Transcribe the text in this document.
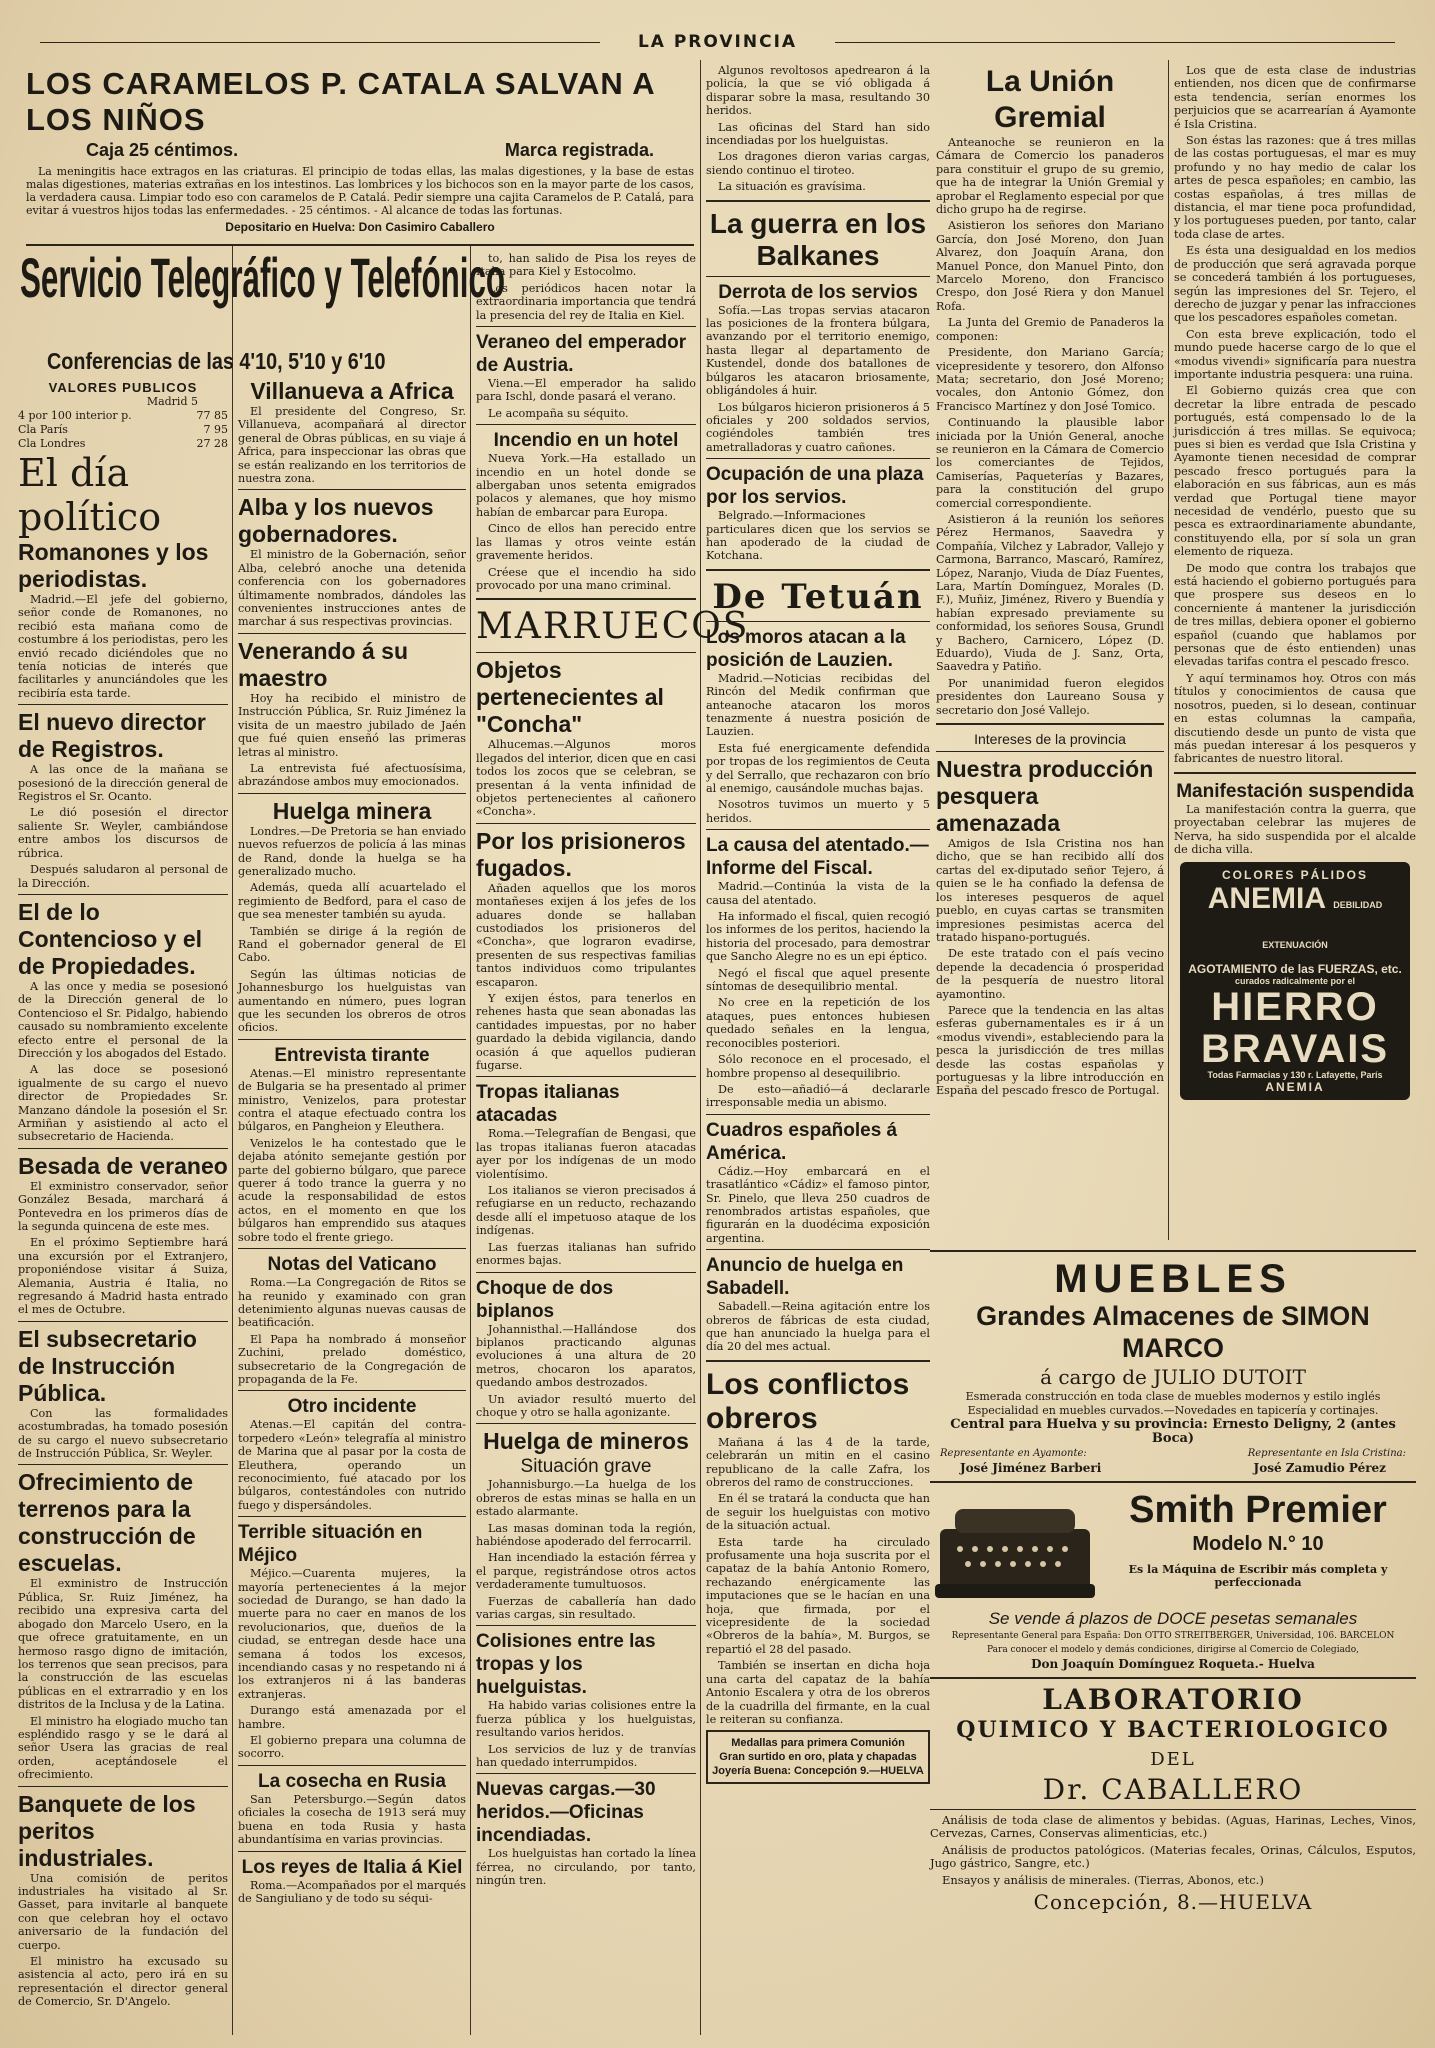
LA PROVINCIA
LOS CARAMELOS P. CATALA SALVAN A LOS NIÑOS
Caja 25 céntimos.	Marca registrada.

La meningitis hace extragos en las criaturas. El principio de todas ellas, las malas digestiones, y la base de estas malas digestiones, materias extrañas en los intestinos. Las lombrices y los bichocos son en la mayor parte de los casos, la verdadera causa. Limpiar todo eso con caramelos de P. Catalá. Pedir siempre una cajita Caramelos de P. Catalá, para evitar á vuestros hijos todas las enfermedades. - 25 céntimos. - Al alcance de todas las fortunas.

Depositario en Huelva: Don Casimiro Caballero
Servicio Telegráfico y Telefónico
Conferencias de las 4'10, 5'10 y 6'10
VALORES PUBLICOS
Madrid 5
4 por 100 interior p.	77 85
Cla París	7 95
Cla Londres	27 28
El día político
Romanones y los periodistas.

Madrid.—El jefe del gobierno, señor conde de Romanones, no recibió esta mañana como de costumbre á los periodistas, pero les envió recado diciéndoles que no tenía noticias de interés que facilitarles y anunciándoles que les recibiría esta tarde.

El nuevo director de Registros.

A las once de la mañana se posesionó de la dirección general de Registros el Sr. Ocanto.

Le dió posesión el director saliente Sr. Weyler, cambiándose entre ambos los discursos de rúbrica.

Después saludaron al personal de la Dirección.

El de lo Contencioso y el de Propiedades.

A las once y media se posesionó de la Dirección general de lo Contencioso el Sr. Pidalgo, habiendo causado su nombramiento excelente efecto entre el personal de la Dirección y los abogados del Estado.

A las doce se posesionó igualmente de su cargo el nuevo director de Propiedades Sr. Manzano dándole la posesión el Sr. Armiñan y asistiendo al acto el subsecretario de Hacienda.

Besada de veraneo

El exministro conservador, señor González Besada, marchará á Pontevedra en los primeros días de la segunda quincena de este mes.

En el próximo Septiembre hará una excursión por el Extranjero, proponiéndose visitar á Suiza, Alemania, Austria é Italia, no regresando á Madrid hasta entrado el mes de Octubre.

El subsecretario de Instrucción Pública.

Con las formalidades acostumbradas, ha tomado posesión de su cargo el nuevo subsecretario de Instrucción Pública, Sr. Weyler.

Ofrecimiento de terrenos para la construcción de escuelas.

El exministro de Instrucción Pública, Sr. Ruiz Jiménez, ha recibido una expresiva carta del abogado don Marcelo Usero, en la que ofrece gratuitamente, en un hermoso rasgo digno de imitación, los terrenos que sean precisos, para la construcción de las escuelas públicas en el extrarradio y en los distritos de la Inclusa y de la Latina.

El ministro ha elogiado mucho tan espléndido rasgo y se le dará al señor Usera las gracias de real orden, aceptándosele el ofrecimiento.

Banquete de los peritos industriales.

Una comisión de peritos industriales ha visitado al Sr. Gasset, para invitarle al banquete con que celebran hoy el octavo aniversario de la fundación del cuerpo.

El ministro ha excusado su asistencia al acto, pero irá en su representación el director general de Comercio, Sr. D'Angelo.

Villanueva a Africa

El presidente del Congreso, Sr. Villanueva, acompañará al director general de Obras públicas, en su viaje á Africa, para inspeccionar las obras que se están realizando en los territorios de nuestra zona.

Alba y los nuevos gobernadores.

El ministro de la Gobernación, señor Alba, celebró anoche una detenida conferencia con los gobernadores últimamente nombrados, dándoles las convenientes instrucciones antes de marchar á sus respectivas provincias.

Venerando á su maestro

Hoy ha recibido el ministro de Instrucción Pública, Sr. Ruiz Jiménez la visita de un maestro jubilado de Jaén que fué quien enseñó las primeras letras al ministro.

La entrevista fué afectuosísima, abrazándose ambos muy emocionados.

Huelga minera

Londres.—De Pretoria se han enviado nuevos refuerzos de policía á las minas de Rand, donde la huelga se ha generalizado mucho.

Además, queda allí acuartelado el regimiento de Bedford, para el caso de que sea menester también su ayuda.

También se dirige á la región de Rand el gobernador general de El Cabo.

Según las últimas noticias de Johannesburgo los huelguistas van aumentando en número, pues logran que les secunden los obreros de otros oficios.

Entrevista tirante

Atenas.—El ministro representante de Bulgaria se ha presentado al primer ministro, Venizelos, para protestar contra el ataque efectuado contra los búlgaros, en Pangheion y Eleuthera.

Venizelos le ha contestado que le dejaba atónito semejante gestión por parte del gobierno búlgaro, que parece querer á todo trance la guerra y no acude la responsabilidad de estos actos, en el momento en que los búlgaros han emprendido sus ataques sobre todo el frente griego.

Notas del Vaticano

Roma.—La Congregación de Ritos se ha reunido y examinado con gran detenimiento algunas nuevas causas de beatificación.

El Papa ha nombrado á monseñor Zuchini, prelado doméstico, subsecretario de la Congregación de propaganda de la Fe.

Otro incidente

Atenas.—El capitán del contra-torpedero «León» telegrafía al ministro de Marina que al pasar por la costa de Eleuthera, operando un reconocimiento, fué atacado por los búlgaros, contestándoles con nutrido fuego y dispersándoles.

Terrible situación en Méjico

Méjico.—Cuarenta mujeres, la mayoría pertenecientes á la mejor sociedad de Durango, se han dado la muerte para no caer en manos de los revolucionarios, que, dueños de la ciudad, se entregan desde hace una semana á todos los excesos, incendiando casas y no respetando ni á los extranjeros ni á las banderas extranjeras.

Durango está amenazada por el hambre.

El gobierno prepara una columna de socorro.

La cosecha en Rusia

San Petersburgo.—Según datos oficiales la cosecha de 1913 será muy buena en toda Rusia y hasta abundantísima en varias provincias.

Los reyes de Italia á Kiel

Roma.—Acompañados por el marqués de Sangiuliano y de todo su séqui-

to, han salido de Pisa los reyes de Italia para Kiel y Estocolmo.

Los periódicos hacen notar la extraordinaria importancia que tendrá la presencia del rey de Italia en Kiel.

Veraneo del emperador de Austria.

Viena.—El emperador ha salido para Ischl, donde pasará el verano.

Le acompaña su séquito.

Incendio en un hotel

Nueva York.—Ha estallado un incendio en un hotel donde se albergaban unos setenta emigrados polacos y alemanes, que hoy mismo habían de embarcar para Europa.

Cinco de ellos han perecido entre las llamas y otros veinte están gravemente heridos.

Créese que el incendio ha sido provocado por una mano criminal.

MARRUECOS
Objetos pertenecientes al "Concha"

Alhucemas.—Algunos moros llegados del interior, dicen que en casi todos los zocos que se celebran, se presentan á la venta infinidad de objetos pertenecientes al cañonero «Concha».

Por los prisioneros fugados.

Añaden aquellos que los moros montañeses exijen á los jefes de los aduares donde se hallaban custodiados los prisioneros del «Concha», que lograron evadirse, presenten de sus respectivas familias tantos individuos como tripulantes escaparon.

Y exijen éstos, para tenerlos en rehenes hasta que sean abonadas las cantidades impuestas, por no haber guardado la debida vigilancia, dando ocasión á que aquellos pudieran fugarse.

Tropas italianas atacadas

Roma.—Telegrafían de Bengasi, que las tropas italianas fueron atacadas ayer por los indígenas de un modo violentísimo.

Los italianos se vieron precisados á refugiarse en un reducto, rechazando desde allí el impetuoso ataque de los indígenas.

Las fuerzas italianas han sufrido enormes bajas.

Choque de dos biplanos

Johannisthal.—Hallándose dos biplanos practicando algunas evoluciones á una altura de 20 metros, chocaron los aparatos, quedando ambos destrozados.

Un aviador resultó muerto del choque y otro se halla agonizante.

Huelga de mineros
Situación grave

Johannisburgo.—La huelga de los obreros de estas minas se halla en un estado alarmante.

Las masas dominan toda la región, habiéndose apoderado del ferrocarril.

Han incendiado la estación férrea y el parque, registrándose otros actos verdaderamente tumultuosos.

Fuerzas de caballería han dado varias cargas, sin resultado.

Colisiones entre las tropas y los huelguistas.

Ha habido varias colisiones entre la fuerza pública y los huelguistas, resultando varios heridos.

Los servicios de luz y de tranvías han quedado interrumpidos.

Nuevas cargas.—30 heridos.—Oficinas incendiadas.

Los huelguistas han cortado la línea férrea, no circulando, por tanto, ningún tren.

Algunos revoltosos apedrearon á la policía, la que se vió obligada á disparar sobre la masa, resultando 30 heridos.

Las oficinas del Stard han sido incendiadas por los huelguistas.

Los dragones dieron varias cargas, siendo continuo el tiroteo.

La situación es gravísima.

La guerra en los Balkanes
Derrota de los servios

Sofía.—Las tropas servias atacaron las posiciones de la frontera búlgara, avanzando por el territorio enemigo, hasta llegar al departamento de Kustendel, donde dos batallones de búlgaros les atacaron briosamente, obligándoles á huir.

Los búlgaros hicieron prisioneros á 5 oficiales y 200 soldados servios, cogiéndoles también tres ametralladoras y cuatro cañones.

Ocupación de una plaza por los servios.

Belgrado.—Informaciones particulares dicen que los servios se han apoderado de la ciudad de Kotchana.

De Tetuán
Los moros atacan a la posición de Lauzien.

Madrid.—Noticias recibidas del Rincón del Medik confirman que anteanoche atacaron los moros tenazmente á nuestra posición de Lauzien.

Esta fué energicamente defendida por tropas de los regimientos de Ceuta y del Serrallo, que rechazaron con brío al enemigo, causándole muchas bajas.

Nosotros tuvimos un muerto y 5 heridos.

La causa del atentado.—Informe del Fiscal.

Madrid.—Continúa la vista de la causa del atentado.

Ha informado el fiscal, quien recogió los informes de los peritos, haciendo la historia del procesado, para demostrar que Sancho Alegre no es un epi éptico.

Negó el fiscal que aquel presente síntomas de desequilibrio mental.

No cree en la repetición de los ataques, pues entonces hubiesen quedado señales en la lengua, reconocibles posteriori.

Sólo reconoce en el procesado, el hombre propenso al desequilibrio.

De esto—añadió—á declararle irresponsable media un abismo.

Cuadros españoles á América.

Cádiz.—Hoy embarcará en el trasatlántico «Cádiz» el famoso pintor, Sr. Pinelo, que lleva 250 cuadros de renombrados artistas españoles, que figurarán en la duodécima exposición argentina.

Anuncio de huelga en Sabadell.

Sabadell.—Reina agitación entre los obreros de fábricas de esta ciudad, que han anunciado la huelga para el día 20 del mes actual.

Los conflictos obreros

Mañana á las 4 de la tarde, celebrarán un mitin en el casino republicano de la calle Zafra, los obreros del ramo de construcciones.

En él se tratará la conducta que han de seguir los huelguistas con motivo de la situación actual.

Esta tarde ha circulado profusamente una hoja suscrita por el capataz de la bahía Antonio Romero, rechazando enérgicamente las imputaciones que se le hacían en una hoja, que firmada, por el vicepresidente de la sociedad «Obreros de la bahía», M. Burgos, se repartió el 28 del pasado.

También se insertan en dicha hoja una carta del capataz de la bahía Antonio Escalera y otra de los obreros de la cuadrilla del firmante, en la cual le reiteran su confianza.

Medallas para primera Comunión
Gran surtido en oro, plata y chapadas
Joyería Buena: Concepción 9.—HUELVA
La Unión Gremial

Anteanoche se reunieron en la Cámara de Comercio los panaderos para constituir el grupo de su gremio, que ha de integrar la Unión Gremial y aprobar el Reglamento especial por que dicho grupo ha de regirse.

Asistieron los señores don Mariano García, don José Moreno, don Juan Alvarez, don Joaquín Arana, don Manuel Ponce, don Manuel Pinto, don Marcelo Moreno, don Francisco Crespo, don José Riera y don Manuel Rofa.

La Junta del Gremio de Panaderos la componen:

Presidente, don Mariano García; vicepresidente y tesorero, don Alfonso Mata; secretario, don José Moreno; vocales, don Antonio Gómez, don Francisco Martínez y don José Tomico.

Continuando la plausible labor iniciada por la Unión General, anoche se reunieron en la Cámara de Comercio los comerciantes de Tejidos, Camiserías, Paqueterías y Bazares, para la constitución del grupo comercial correspondiente.

Asistieron á la reunión los señores Pérez Hermanos, Saavedra y Compañía, Vilchez y Labrador, Vallejo y Carmona, Barranco, Mascaró, Ramírez, López, Naranjo, Viuda de Díaz Fuentes, Lara, Martín Domínguez, Morales (D. F.), Muñiz, Jiménez, Rivero y Buendía y habían expresado previamente su conformidad, los señores Sousa, Grundl y Bachero, Carnicero, López (D. Eduardo), Viuda de J. Sanz, Orta, Saavedra y Patiño.

Por unanimidad fueron elegidos presidentes don Laureano Sousa y secretario don José Vallejo.

Intereses de la provincia
Nuestra producción pesquera amenazada

Amigos de Isla Cristina nos han dicho, que se han recibido allí dos cartas del ex-diputado señor Tejero, á quien se le ha confiado la defensa de los intereses pesqueros de aquel pueblo, en cuyas cartas se transmiten impresiones pesimistas acerca del tratado hispano-portugués.

De este tratado con el país vecino depende la decadencia ó prosperidad de la pesquería de nuestro litoral ayamontino.

Parece que la tendencia en las altas esferas gubernamentales es ir á un «modus vivendi», estableciendo para la pesca la jurisdicción de tres millas desde las costas españolas y portuguesas y la libre introducción en España del pescado fresco de Portugal.

Los que de esta clase de industrias entienden, nos dicen que de confirmarse esta tendencia, serían enormes los perjuicios que se acarrearían á Ayamonte é Isla Cristina.

Son éstas las razones: que á tres millas de las costas portuguesas, el mar es muy profundo y no hay medio de calar los artes de pesca españoles; en cambio, las costas españolas, á tres millas de distancia, el mar tiene poca profundidad, y los portugueses pueden, por tanto, calar toda clase de artes.

Es ésta una desigualdad en los medios de producción que será agravada porque se concederá también á los portugueses, según las impresiones del Sr. Tejero, el derecho de juzgar y penar las infracciones que los pescadores españoles cometan.

Con esta breve explicación, todo el mundo puede hacerse cargo de lo que el «modus vivendi» significaría para nuestra importante industria pesquera: una ruina.

El Gobierno quizás crea que con decretar la libre entrada de pescado portugués, está compensado lo de la jurisdicción á tres millas. Se equivoca; pues si bien es verdad que Isla Cristina y Ayamonte tienen necesidad de comprar pescado fresco portugués para la elaboración en sus fábricas, aun es más verdad que Portugal tiene mayor necesidad de vendérlo, puesto que su pesca es extraordinariamente abundante, constituyendo ella, por sí sola un gran elemento de riqueza.

De modo que contra los trabajos que está haciendo el gobierno portugués para que prospere sus deseos en lo concerniente á mantener la jurisdicción de tres millas, debiera oponer el gobierno español (cuando que hablamos por personas que de ésto entienden) unas elevadas tarifas contra el pescado fresco.

Y aquí terminamos hoy. Otros con más títulos y conocimientos de causa que nosotros, pueden, si lo desean, continuar en estas columnas la campaña, discutiendo desde un punto de vista que más puedan interesar á los pesqueros y fabricantes de nuestro litoral.

Manifestación suspendida

La manifestación contra la guerra, que proyectaban celebrar las mujeres de Nerva, ha sido suspendida por el alcalde de dicha villa.

COLORES PÁLIDOS
ANEMIA DEBILIDAD EXTENUACIÓN
AGOTAMIENTO de las FUERZAS, etc.
curados radicalmente por el
HIERRO
BRAVAIS
Todas Farmacias y 130 r. Lafayette, París
ANEMIA
MUEBLES
Grandes Almacenes de SIMON MARCO
á cargo de JULIO DUTOIT
Esmerada construcción en toda clase de muebles modernos y estilo inglés
Especialidad en muebles curvados.—Novedades en tapicería y cortinajes.
Central para Huelva y su provincia: Ernesto Deligny, 2 (antes Boca)
Representante en Ayamonte:	Representante en Isla Cristina:
José Jiménez Barberi	José Zamudio Pérez
Smith Premier
Modelo N.° 10
Es la Máquina de Escribir más completa y perfeccionada
Se vende á plazos de DOCE pesetas semanales
Representante General para España: Don OTTO STREITBERGER, Universidad, 106. BARCELON
Para conocer el modelo y demás condiciones, dirigirse al Comercio de Colegiado,
Don Joaquín Domínguez Roqueta.- Huelva
LABORATORIO
QUIMICO Y BACTERIOLOGICO
DEL
Dr. CABALLERO

Análisis de toda clase de alimentos y bebidas. (Aguas, Harinas, Leches, Vinos, Cervezas, Carnes, Conservas alimenticias, etc.)

Análisis de productos patológicos. (Materias fecales, Orinas, Cálculos, Esputos, Jugo gástrico, Sangre, etc.)

Ensayos y análisis de minerales. (Tierras, Abonos, etc.)

Concepción, 8.—HUELVA
